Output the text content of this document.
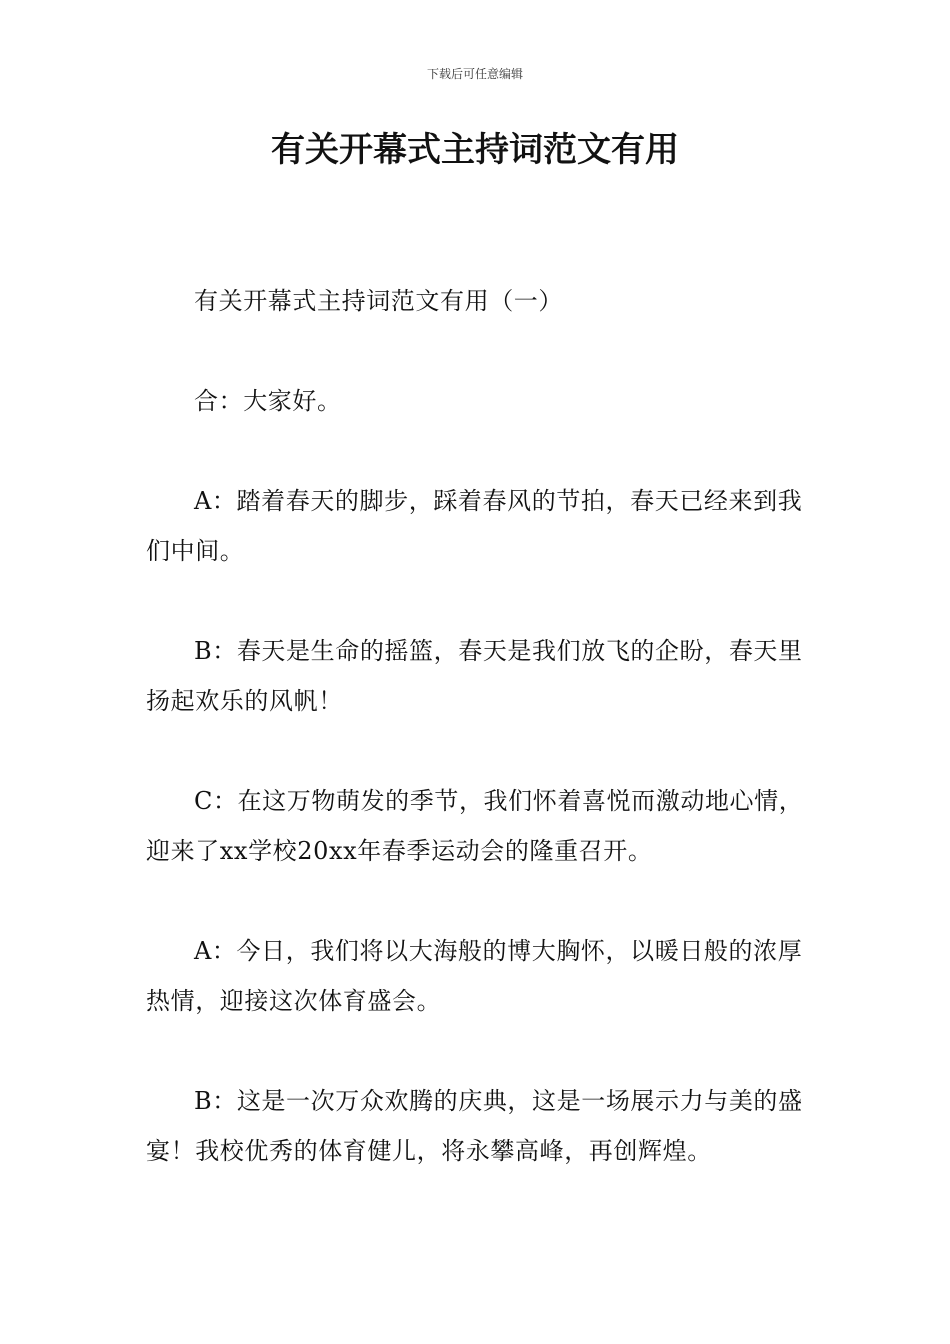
下载后可任意编辑
有关开幕式主持词范文有用

有关开幕式主持词范文有用（一）

合：大家好。

A：踏着春天的脚步，踩着春风的节拍，春天已经来到我们中间。

B：春天是生命的摇篮，春天是我们放飞的企盼，春天里扬起欢乐的风帆！

C：在这万物萌发的季节，我们怀着喜悦而激动地心情，迎来了xx学校20xx年春季运动会的隆重召开。

A：今日，我们将以大海般的博大胸怀，以暖日般的浓厚热情，迎接这次体育盛会。

B：这是一次万众欢腾的庆典，这是一场展示力与美的盛宴！我校优秀的体育健儿，将永攀高峰，再创辉煌。
